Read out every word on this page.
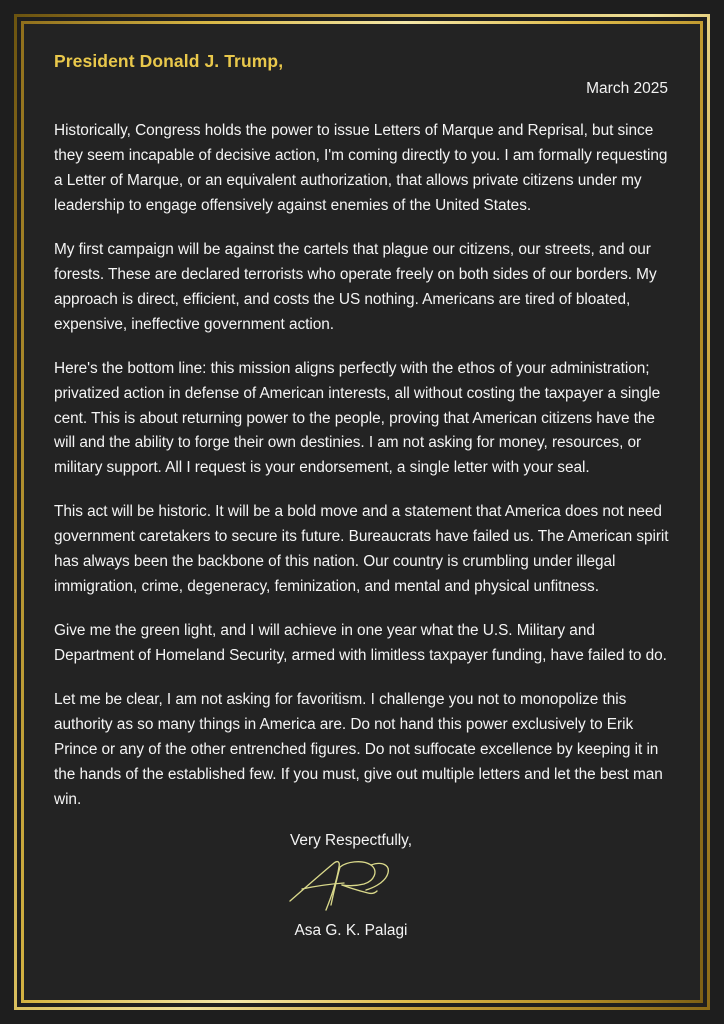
President Donald J. Trump,
March 2025

Historically, Congress holds the power to issue Letters of Marque and Reprisal, but since they seem incapable of decisive action, I'm coming directly to you. I am formally requesting a Letter of Marque, or an equivalent authorization, that allows private citizens under my leadership to engage offensively against enemies of the United States.

My first campaign will be against the cartels that plague our citizens, our streets, and our forests. These are declared terrorists who operate freely on both sides of our borders. My approach is direct, efficient, and costs the US nothing. Americans are tired of bloated, expensive, ineffective government action.

Here's the bottom line: this mission aligns perfectly with the ethos of your administration; privatized action in defense of American interests, all without costing the taxpayer a single cent. This is about returning power to the people, proving that American citizens have the will and the ability to forge their own destinies. I am not asking for money, resources, or military support. All I request is your endorsement, a single letter with your seal.

This act will be historic. It will be a bold move and a statement that America does not need government caretakers to secure its future. Bureaucrats have failed us. The American spirit has always been the backbone of this nation. Our country is crumbling under illegal immigration, crime, degeneracy, feminization, and mental and physical unfitness.

Give me the green light, and I will achieve in one year what the U.S. Military and Department of Homeland Security, armed with limitless taxpayer funding, have failed to do.

Let me be clear, I am not asking for favoritism. I challenge you not to monopolize this authority as so many things in America are. Do not hand this power exclusively to Erik Prince or any of the other entrenched figures. Do not suffocate excellence by keeping it in the hands of the established few. If you must, give out multiple letters and let the best man win.

Very Respectfully,
Asa G. K. Palagi
